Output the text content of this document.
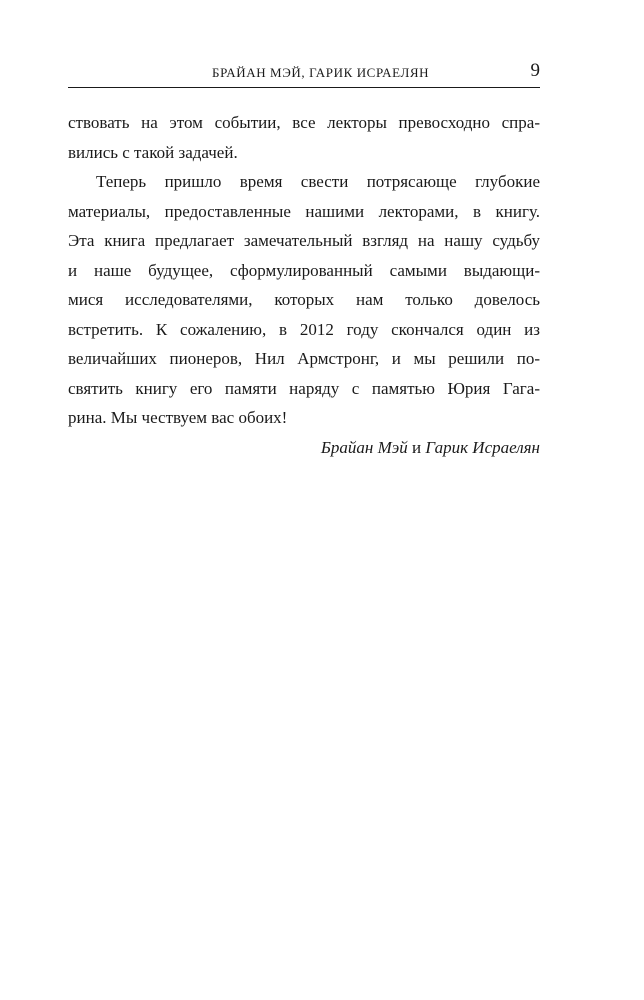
БРАЙАН МЭЙ, ГАРИК ИСРАЕЛЯН	9
ствовать на этом событии, все лекторы превосходно спра-
вились с такой задачей.
Теперь пришло время свести потрясающе глубокие
материалы, предоставленные нашими лекторами, в книгу.
Эта книга предлагает замечательный взгляд на нашу судьбу
и наше будущее, сформулированный самыми выдающи-
мися исследователями, которых нам только довелось
встретить. К сожалению, в 2012 году скончался один из
величайших пионеров, Нил Армстронг, и мы решили по-
святить книгу его памяти наряду с памятью Юрия Гага-
рина. Мы чествуем вас обоих!
Брайан Мэй и Гарик Исраелян
